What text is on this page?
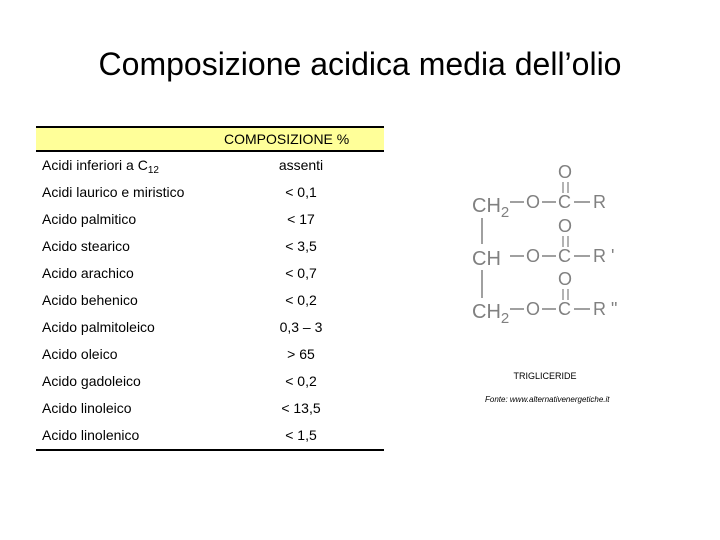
Composizione acidica media dell’olio
COMPOSIZIONE %
Acidi inferiori a $C_{12}$	assenti
Acidi laurico e miristico	< 0,1
Acido palmitico	< 17
Acido stearico	< 3,5
Acido arachico	< 0,7
Acido behenico	< 0,2
Acido palmitoleico	0,3 – 3
Acido oleico	> 65
Acido gadoleico	< 0,2
Acido linoleico	< 13,5
Acido linolenico	< 1,5
$CH_2$
O C
O
R
CH O C
O
R '
$CH_2$ O C
O
R "
TRIGLICERIDE
Fonte: www.alternativenergetiche.it
